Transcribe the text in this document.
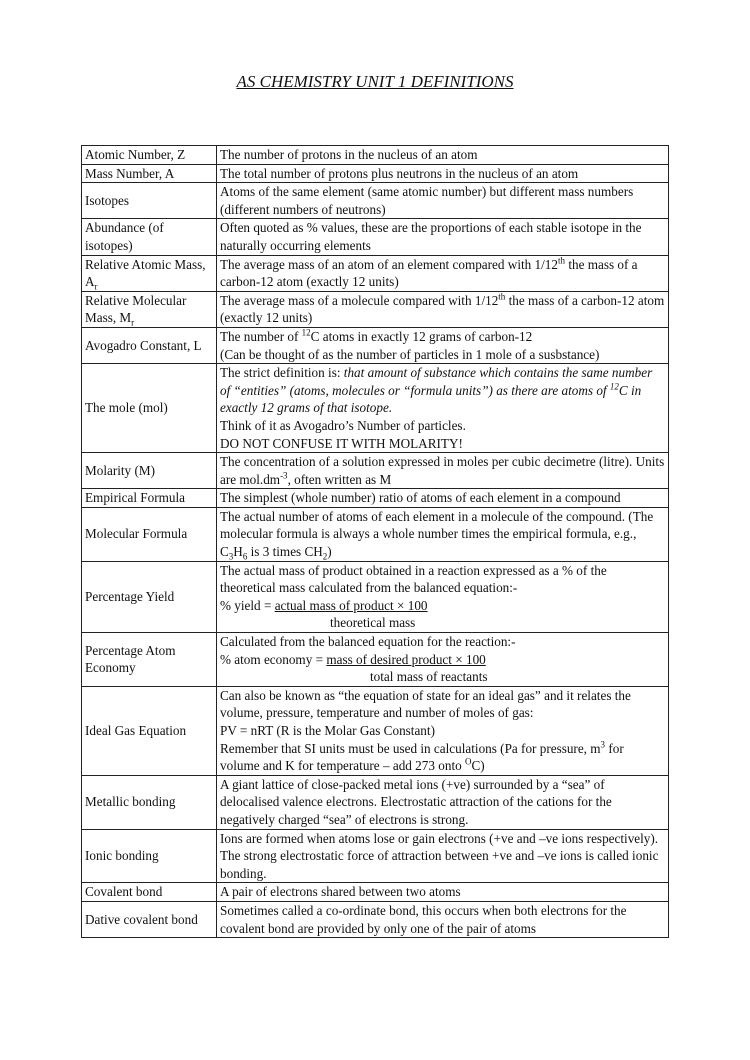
AS CHEMISTRY UNIT 1 DEFINITIONS
Atomic Number, Z	The number of protons in the nucleus of an atom
Mass Number, A	The total number of protons plus neutrons in the nucleus of an atom
Isotopes	Atoms of the same element (same atomic number) but different mass numbers (different numbers of neutrons)
Abundance (of isotopes)	Often quoted as % values, these are the proportions of each stable isotope in the naturally occurring elements
Relative Atomic Mass, $A_r$	The average mass of an atom of an element compared with 1/12th the mass of a carbon-12 atom (exactly 12 units)
Relative Molecular Mass, $M_r$	The average mass of a molecule compared with 1/12th the mass of a carbon-12 atom (exactly 12 units)
Avogadro Constant, L	The number of $^{12}$C atoms in exactly 12 grams of carbon-12
(Can be thought of as the number of particles in 1 mole of a susbstance)
The mole (mol)	The strict definition is: that amount of substance which contains the same number of “entities” (atoms, molecules or “formula units”) as there are atoms of $^{12}$C in exactly 12 grams of that isotope.
Think of it as Avogadro’s Number of particles.
DO NOT CONFUSE IT WITH MOLARITY!
Molarity (M)	The concentration of a solution expressed in moles per cubic decimetre (litre). Units are $mol.dm^{-3}$, often written as M
Empirical Formula	The simplest (whole number) ratio of atoms of each element in a compound
Molecular Formula	The actual number of atoms of each element in a molecule of the compound. (The molecular formula is always a whole number times the empirical formula, e.g., $C_3H_6$ is 3 times $CH_2$)
Percentage Yield	The actual mass of product obtained in a reaction expressed as a % of the theoretical mass calculated from the balanced equation:-
% yield = actual mass of product × 100
theoretical mass
Percentage Atom Economy	Calculated from the balanced equation for the reaction:-
% atom economy = mass of desired product × 100
total mass of reactants
Ideal Gas Equation	Can also be known as “the equation of state for an ideal gas” and it relates the volume, pressure, temperature and number of moles of gas:
PV = nRT (R is the Molar Gas Constant)
Remember that SI units must be used in calculations (Pa for pressure, $m^3$ for volume and K for temperature – add 273 onto $^O$C)
Metallic bonding	A giant lattice of close-packed metal ions (+ve) surrounded by a “sea” of delocalised valence electrons. Electrostatic attraction of the cations for the negatively charged “sea” of electrons is strong.
Ionic bonding	Ions are formed when atoms lose or gain electrons (+ve and –ve ions respectively). The strong electrostatic force of attraction between +ve and –ve ions is called ionic bonding.
Covalent bond	A pair of electrons shared between two atoms
Dative covalent bond	Sometimes called a co-ordinate bond, this occurs when both electrons for the covalent bond are provided by only one of the pair of atoms
